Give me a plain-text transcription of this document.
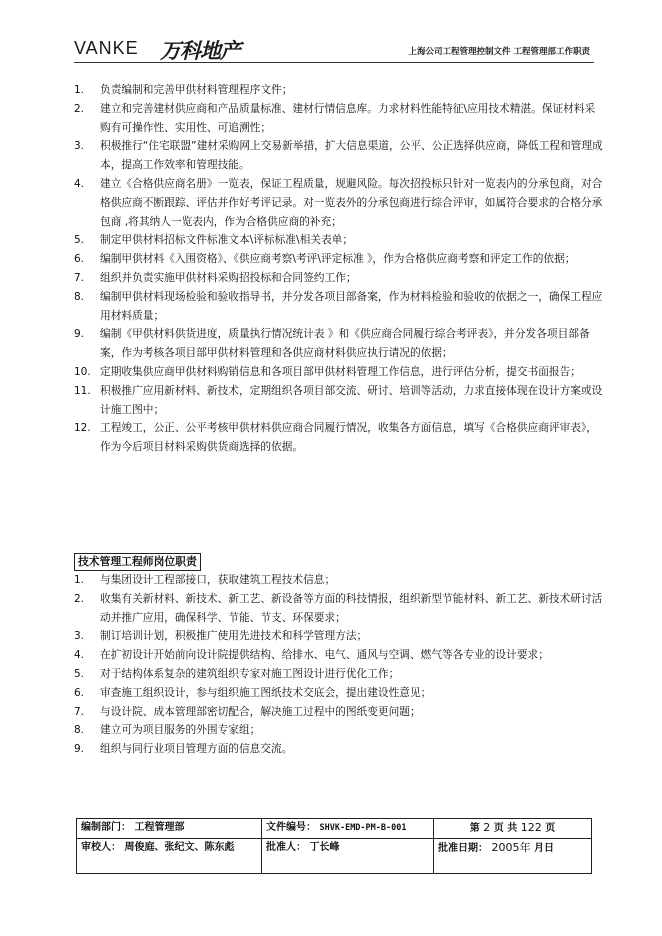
VANKE 万科地产	上海公司工程管理控制文件 工程管理部工作职责
1. 负责编制和完善甲供材料管理程序文件；
2. 建立和完善建材供应商和产品质量标准、建材行情信息库。力求材料性能特征\应用技术精湛。保证材料采购有可操作性、实用性、可追溯性；
3. 积极推行“住宅联盟”建材采购网上交易新举措，扩大信息渠道，公平、公正选择供应商，降低工程和管理成本，提高工作效率和管理技能。
4. 建立《合格供应商名册》一览表，保证工程质量，规避风险。每次招投标只针对一览表内的分承包商，对合格供应商不断跟踪、评估并作好考评记录。对一览表外的分承包商进行综合评审，如属符合要求的合格分承包商 ,将其纳人一览表内，作为合格供应商的补充；
5. 制定甲供材料招标文件标准文本\评标标准\相关表单；
6. 编制甲供材料《入围资格》、《供应商考察\考评\评定标准 》，作为合格供应商考察和评定工作的依据；
7. 组织并负责实施甲供材料采购招投标和合同签约工作；
8. 编制甲供材料现场检验和验收指导书，并分发各项目部备案，作为材料检验和验收的依据之一，确保工程应用材料质量；
9. 编制《甲供材料供货进度，质量执行情况统计表 》和《供应商合同履行综合考评表》，并分发各项目部备案，作为考核各项目部甲供材料管理和各供应商材料供应执行请况的依据；
10. 定期收集供应商甲供材料购销信息和各项目部甲供材料管理工作信息，进行评估分析，提交书面报告；
11. 积极推广应用新材料、新技术，定期组织各项目部交流、研讨、培训等活动，力求直接体现在设计方案或设计施工图中；
12. 工程竣工，公正、公平考核甲供材料供应商合同履行情况，收集各方面信息，填写《合格供应商评审表》，作为今后项目材料采购供货商选择的依据。
技术管理工程师岗位职责
1. 与集团设计工程部接口，获取建筑工程技术信息；
2. 收集有关新材料、新技术、新工艺、新设备等方面的科技情报，组织新型节能材料、新工艺、新技术研讨活动并推广应用，确保科学、节能、节支、环保要求；
3. 制订培训计划，积极推广使用先进技术和科学管理方法；
4. 在扩初设计开始前向设计院提供结构、给排水、电气、通风与空调、燃气等各专业的设计要求；
5. 对于结构体系复杂的建筑组织专家对施工图设计进行优化工作；
6. 审查施工组织设计，参与组织施工图纸技术交底会，提出建设性意见；
7. 与设计院、成本管理部密切配合，解决施工过程中的图纸变更问题；
8. 建立可为项目服务的外围专家组；
9. 组织与同行业项目管理方面的信息交流。
编制部门： 工程管理部	文件编号： SHVK-EMD-PM-B-001	第 2 页 共 122 页
审校人： 周俊庭、张纪文、陈东彪	批准人： 丁长峰	批准日期： 2005年 月日
